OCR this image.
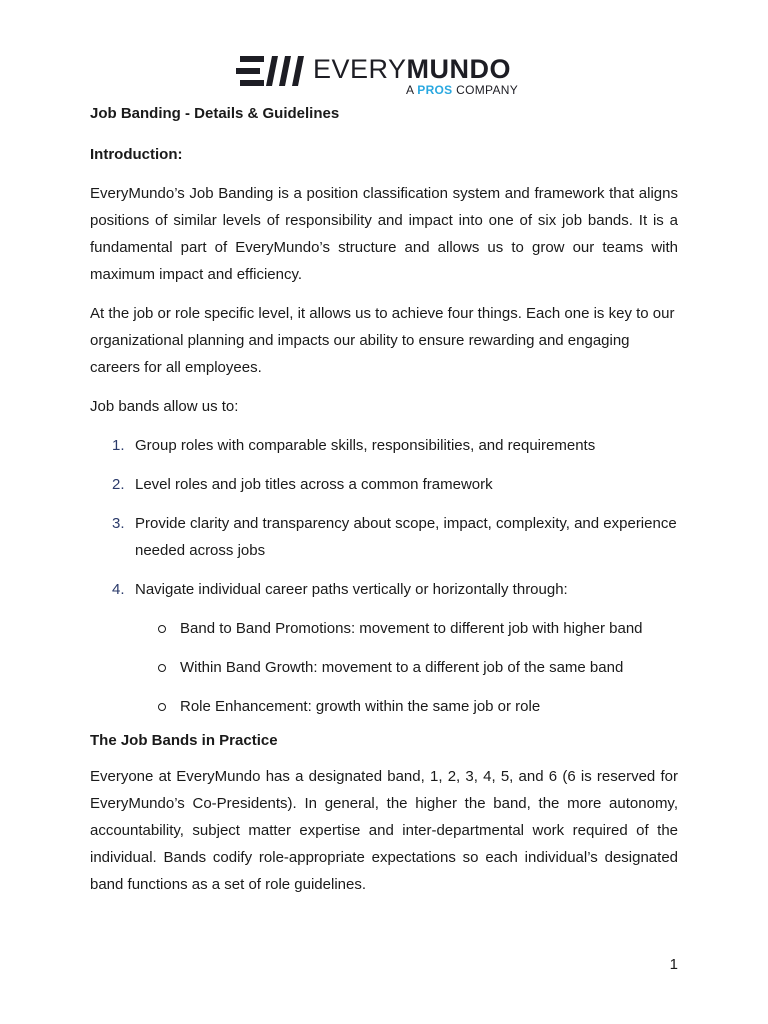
EVERYMUNDO
A PROS COMPANY

Job Banding - Details & Guidelines

Introduction:

EveryMundo’s Job Banding is a position classification system and framework that aligns positions of similar levels of responsibility and impact into one of six job bands. It is a fundamental part of EveryMundo’s structure and allows us to grow our teams with maximum impact and efficiency.

At the job or role specific level, it allows us to achieve four things. Each one is key to our organizational planning and impacts our ability to ensure rewarding and engaging careers for all employees.

Job bands allow us to:

1. Group roles with comparable skills, responsibilities, and requirements
2. Level roles and job titles across a common framework
3. Provide clarity and transparency about scope, impact, complexity, and experience needed across jobs
4. Navigate individual career paths vertically or horizontally through:
Band to Band Promotions: movement to different job with higher band
Within Band Growth: movement to a different job of the same band
Role Enhancement: growth within the same job or role

The Job Bands in Practice

Everyone at EveryMundo has a designated band, 1, 2, 3, 4, 5, and 6 (6 is reserved for EveryMundo’s Co-Presidents). In general, the higher the band, the more autonomy, accountability, subject matter expertise and inter-departmental work required of the individual. Bands codify role-appropriate expectations so each individual’s designated band functions as a set of role guidelines.

1
